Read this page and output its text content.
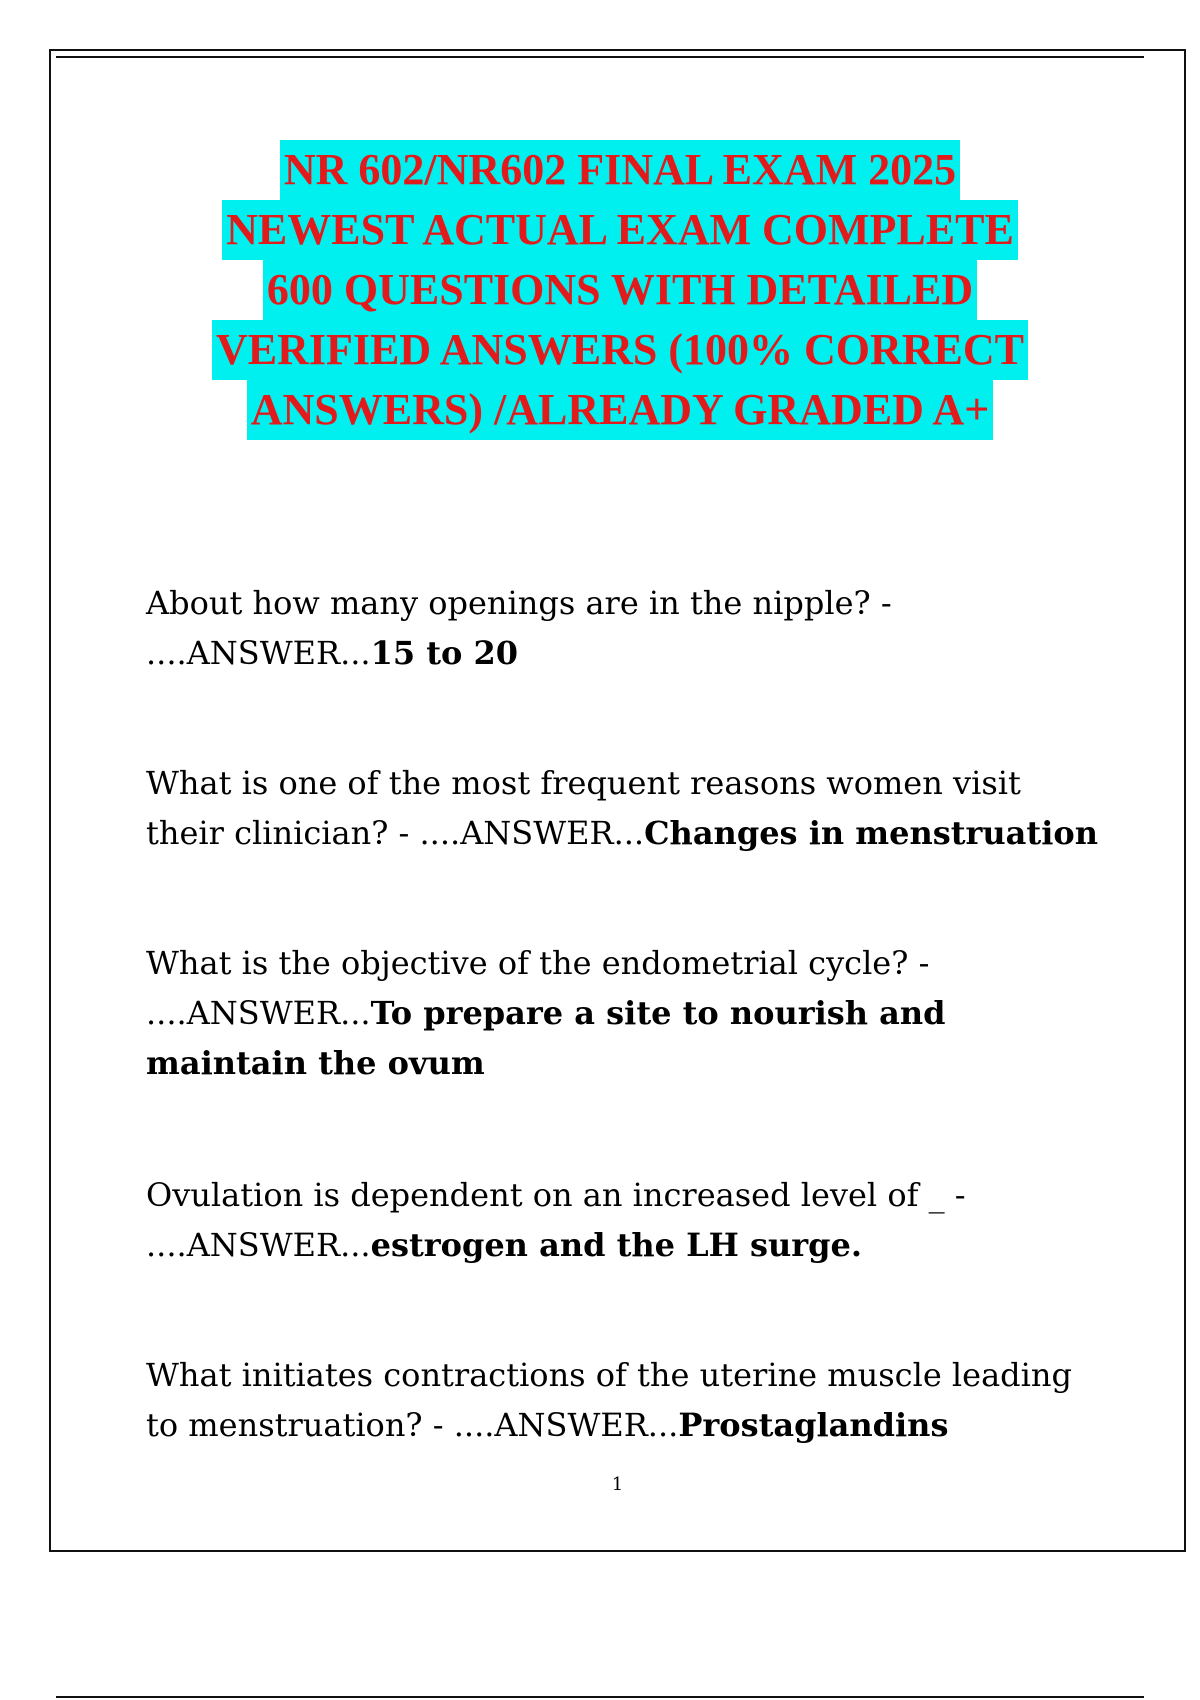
NR 602/NR602 FINAL EXAM 2025
NEWEST ACTUAL EXAM COMPLETE
600 QUESTIONS WITH DETAILED
VERIFIED ANSWERS (100% CORRECT
ANSWERS) /ALREADY GRADED A+
About how many openings are in the nipple? - ....ANSWER...15 to 20
What is one of the most frequent reasons women visit their clinician? - ....ANSWER...Changes in menstruation
What is the objective of the endometrial cycle? - ....ANSWER...To prepare a site to nourish and maintain the ovum
Ovulation is dependent on an increased level of _ - ....ANSWER...estrogen and the LH surge.
What initiates contractions of the uterine muscle leading to menstruation? - ....ANSWER...Prostaglandins
1
